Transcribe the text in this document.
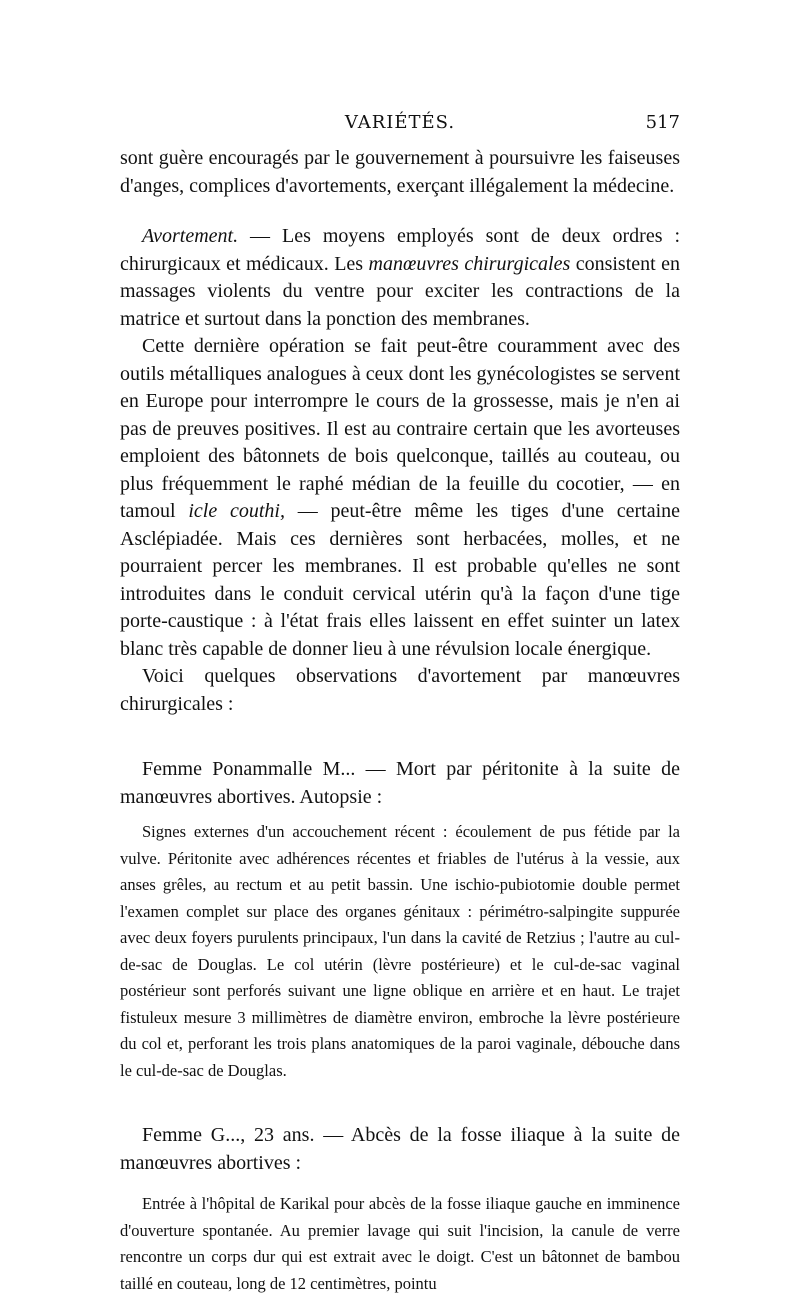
VARIÉTÉS.	517

sont guère encouragés par le gouvernement à poursuivre les faiseuses d'anges, complices d'avortements, exerçant illégalement la médecine.

Avortement. — Les moyens employés sont de deux ordres : chirurgicaux et médicaux. Les manœuvres chirurgicales consistent en massages violents du ventre pour exciter les contractions de la matrice et surtout dans la ponction des membranes.

Cette dernière opération se fait peut-être couramment avec des outils métalliques analogues à ceux dont les gynécologistes se servent en Europe pour interrompre le cours de la grossesse, mais je n'en ai pas de preuves positives. Il est au contraire certain que les avorteuses emploient des bâtonnets de bois quelconque, taillés au couteau, ou plus fréquemment le raphé médian de la feuille du cocotier, — en tamoul icle couthi, — peut-être même les tiges d'une certaine Asclépiadée. Mais ces dernières sont herbacées, molles, et ne pourraient percer les membranes. Il est probable qu'elles ne sont introduites dans le conduit cervical utérin qu'à la façon d'une tige porte-caustique : à l'état frais elles laissent en effet suinter un latex blanc très capable de donner lieu à une révulsion locale énergique.

Voici quelques observations d'avortement par manœuvres chirurgicales :

Femme Ponammalle M... — Mort par péritonite à la suite de manœuvres abortives. Autopsie :

Signes externes d'un accouchement récent : écoulement de pus fétide par la vulve. Péritonite avec adhérences récentes et friables de l'utérus à la vessie, aux anses grêles, au rectum et au petit bassin. Une ischio-pubiotomie double permet l'examen complet sur place des organes génitaux : périmétro-salpingite suppurée avec deux foyers purulents principaux, l'un dans la cavité de Retzius ; l'autre au cul-de-sac de Douglas. Le col utérin (lèvre postérieure) et le cul-de-sac vaginal postérieur sont perforés suivant une ligne oblique en arrière et en haut. Le trajet fistuleux mesure 3 millimètres de diamètre environ, embroche la lèvre postérieure du col et, perforant les trois plans anatomiques de la paroi vaginale, débouche dans le cul-de-sac de Douglas.

Femme G..., 23 ans. — Abcès de la fosse iliaque à la suite de manœuvres abortives :

Entrée à l'hôpital de Karikal pour abcès de la fosse iliaque gauche en imminence d'ouverture spontanée. Au premier lavage qui suit l'incision, la canule de verre rencontre un corps dur qui est extrait avec le doigt. C'est un bâtonnet de bambou taillé en couteau, long de 12 centimètres, pointu
